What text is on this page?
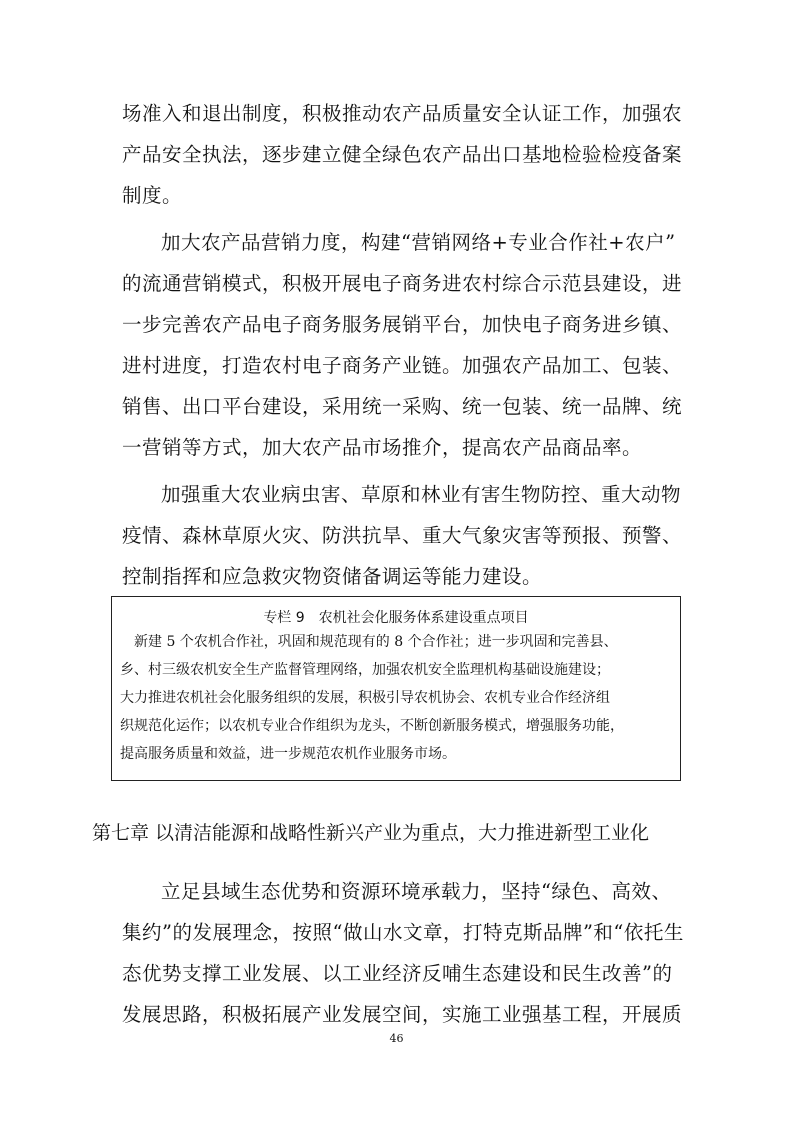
场准入和退出制度，积极推动农产品质量安全认证工作，加强农
产品安全执法，逐步建立健全绿色农产品出口基地检验检疫备案
制度。
加大农产品营销力度，构建“营销网络+专业合作社+农户”
的流通营销模式，积极开展电子商务进农村综合示范县建设，进
一步完善农产品电子商务服务展销平台，加快电子商务进乡镇、
进村进度，打造农村电子商务产业链。加强农产品加工、包装、
销售、出口平台建设，采用统一采购、统一包装、统一品牌、统
一营销等方式，加大农产品市场推介，提高农产品商品率。
加强重大农业病虫害、草原和林业有害生物防控、重大动物
疫情、森林草原火灾、防洪抗旱、重大气象灾害等预报、预警、
控制指挥和应急救灾物资储备调运等能力建设。
专栏 9　农机社会化服务体系建设重点项目
　新建 5 个农机合作社，巩固和规范现有的 8 个合作社；进一步巩固和完善县、
乡、村三级农机安全生产监督管理网络，加强农机安全监理机构基础设施建设；
大力推进农机社会化服务组织的发展，积极引导农机协会、农机专业合作经济组
织规范化运作；以农机专业合作组织为龙头，不断创新服务模式，增强服务功能，
提高服务质量和效益，进一步规范农机作业服务市场。
第七章 以清洁能源和战略性新兴产业为重点，大力推进新型工业化
立足县域生态优势和资源环境承载力，坚持“绿色、高效、
集约”的发展理念，按照“做山水文章，打特克斯品牌”和“依托生
态优势支撑工业发展、以工业经济反哺生态建设和民生改善”的
发展思路，积极拓展产业发展空间，实施工业强基工程，开展质
46
